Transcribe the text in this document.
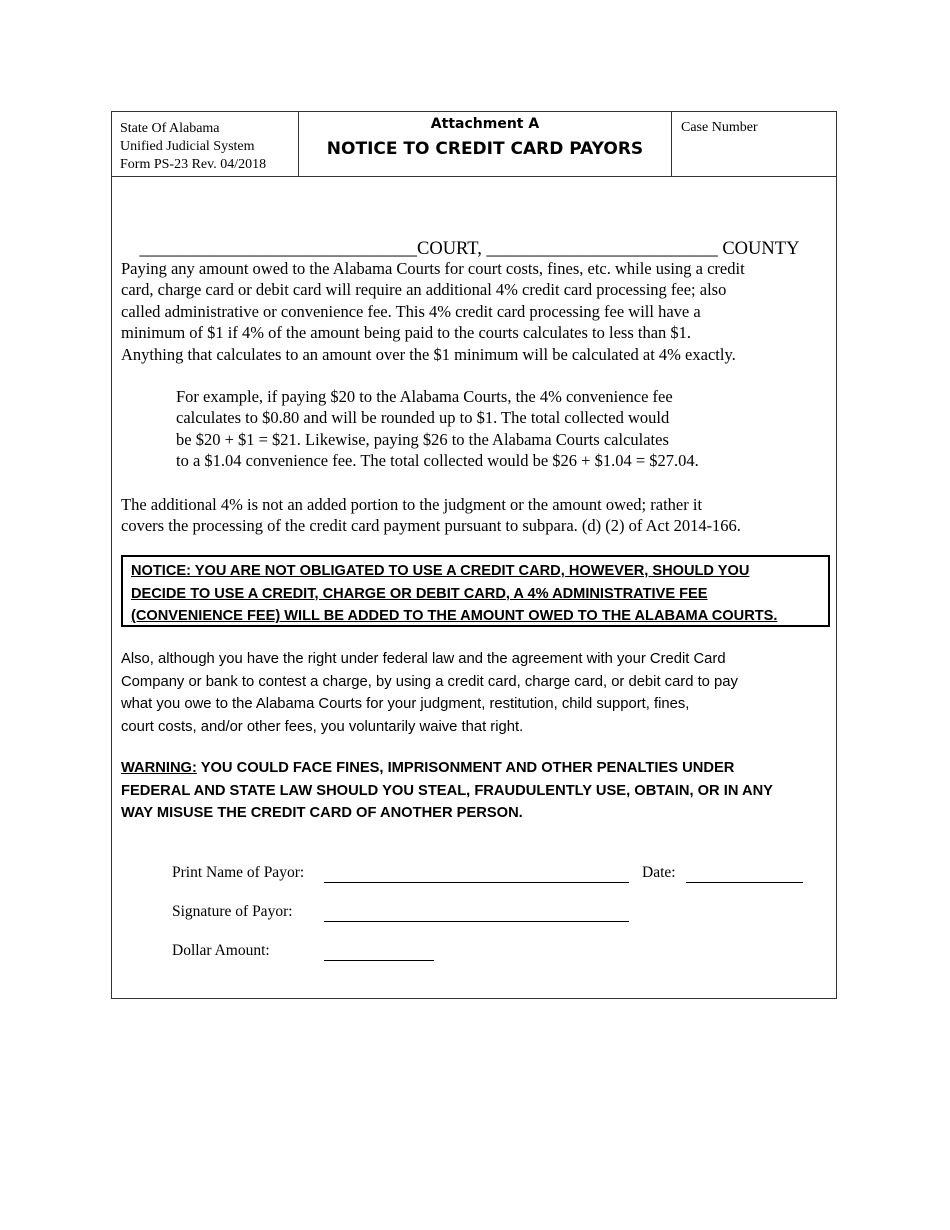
State Of Alabama
Unified Judicial System
Form PS-23 Rev. 04/2018
Attachment A
NOTICE TO CREDIT CARD PAYORS
Case Number

______________________________COURT, _________________________ COUNTY

Paying any amount owed to the Alabama Courts for court costs, fines, etc. while using a credit
card, charge card or debit card will require an additional 4% credit card processing fee; also
called administrative or convenience fee. This 4% credit card processing fee will have a
minimum of $1 if 4% of the amount being paid to the courts calculates to less than $1.
Anything that calculates to an amount over the $1 minimum will be calculated at 4% exactly.
For example, if paying $20 to the Alabama Courts, the 4% convenience fee
calculates to $0.80 and will be rounded up to $1. The total collected would
be $20 + $1 = $21. Likewise, paying $26 to the Alabama Courts calculates
to a $1.04 convenience fee. The total collected would be $26 + $1.04 = $27.04.
The additional 4% is not an added portion to the judgment or the amount owed; rather it
covers the processing of the credit card payment pursuant to subpara. (d) (2) of Act 2014-166.
NOTICE: YOU ARE NOT OBLIGATED TO USE A CREDIT CARD, HOWEVER, SHOULD YOU
DECIDE TO USE A CREDIT, CHARGE OR DEBIT CARD, A 4% ADMINISTRATIVE FEE
(CONVENIENCE FEE) WILL BE ADDED TO THE AMOUNT OWED TO THE ALABAMA COURTS.
Also, although you have the right under federal law and the agreement with your Credit Card
Company or bank to contest a charge, by using a credit card, charge card, or debit card to pay
what you owe to the Alabama Courts for your judgment, restitution, child support, fines,
court costs, and/or other fees, you voluntarily waive that right.
WARNING: YOU COULD FACE FINES, IMPRISONMENT AND OTHER PENALTIES UNDER
FEDERAL AND STATE LAW SHOULD YOU STEAL, FRAUDULENTLY USE, OBTAIN, OR IN ANY
WAY MISUSE THE CREDIT CARD OF ANOTHER PERSON.
Print Name of Payor:	Date:
Signature of Payor:
Dollar Amount:
